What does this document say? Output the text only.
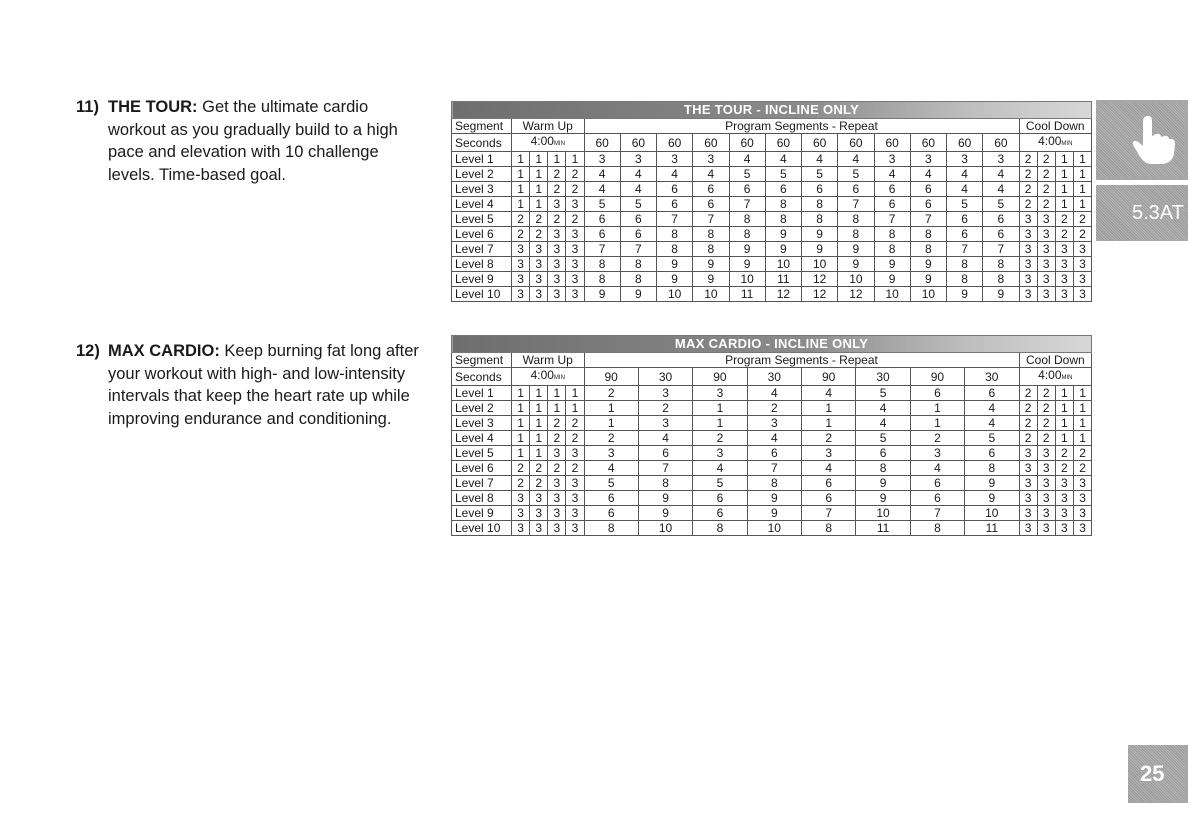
11) THE TOUR: Get the ultimate cardio workout as you gradually build to a high pace and elevation with 10 challenge levels. Time-based goal.
12) MAX CARDIO: Keep burning fat long after your workout with high- and low-intensity intervals that keep the heart rate up while improving endurance and conditioning.
THE TOUR - INCLINE ONLY																				
Segment	Warm Up				Program Segments - Repeat												Cool Down			
Seconds	4:00MIN				60	60	60	60	60	60	60	60	60	60	60	60	4:00MIN			
Level 1	1	1	1	1	3	3	3	3	4	4	4	4	3	3	3	3	2	2	1	1
Level 2	1	1	2	2	4	4	4	4	5	5	5	5	4	4	4	4	2	2	1	1
Level 3	1	1	2	2	4	4	6	6	6	6	6	6	6	6	4	4	2	2	1	1
Level 4	1	1	3	3	5	5	6	6	7	8	8	7	6	6	5	5	2	2	1	1
Level 5	2	2	2	2	6	6	7	7	8	8	8	8	7	7	6	6	3	3	2	2
Level 6	2	2	3	3	6	6	8	8	8	9	9	8	8	8	6	6	3	3	2	2
Level 7	3	3	3	3	7	7	8	8	9	9	9	9	8	8	7	7	3	3	3	3
Level 8	3	3	3	3	8	8	9	9	9	10	10	9	9	9	8	8	3	3	3	3
Level 9	3	3	3	3	8	8	9	9	10	11	12	10	9	9	8	8	3	3	3	3
Level 10	3	3	3	3	9	9	10	10	11	12	12	12	10	10	9	9	3	3	3	3
MAX CARDIO - INCLINE ONLY																
Segment	Warm Up				Program Segments - Repeat								Cool Down			
Seconds	4:00MIN				90	30	90	30	90	30	90	30	4:00MIN			
Level 1	1	1	1	1	2	3	3	4	4	5	6	6	2	2	1	1
Level 2	1	1	1	1	1	2	1	2	1	4	1	4	2	2	1	1
Level 3	1	1	2	2	1	3	1	3	1	4	1	4	2	2	1	1
Level 4	1	1	2	2	2	4	2	4	2	5	2	5	2	2	1	1
Level 5	1	1	3	3	3	6	3	6	3	6	3	6	3	3	2	2
Level 6	2	2	2	2	4	7	4	7	4	8	4	8	3	3	2	2
Level 7	2	2	3	3	5	8	5	8	6	9	6	9	3	3	3	3
Level 8	3	3	3	3	6	9	6	9	6	9	6	9	3	3	3	3
Level 9	3	3	3	3	6	9	6	9	7	10	7	10	3	3	3	3
Level 10	3	3	3	3	8	10	8	10	8	11	8	11	3	3	3	3
5.3AT
25
